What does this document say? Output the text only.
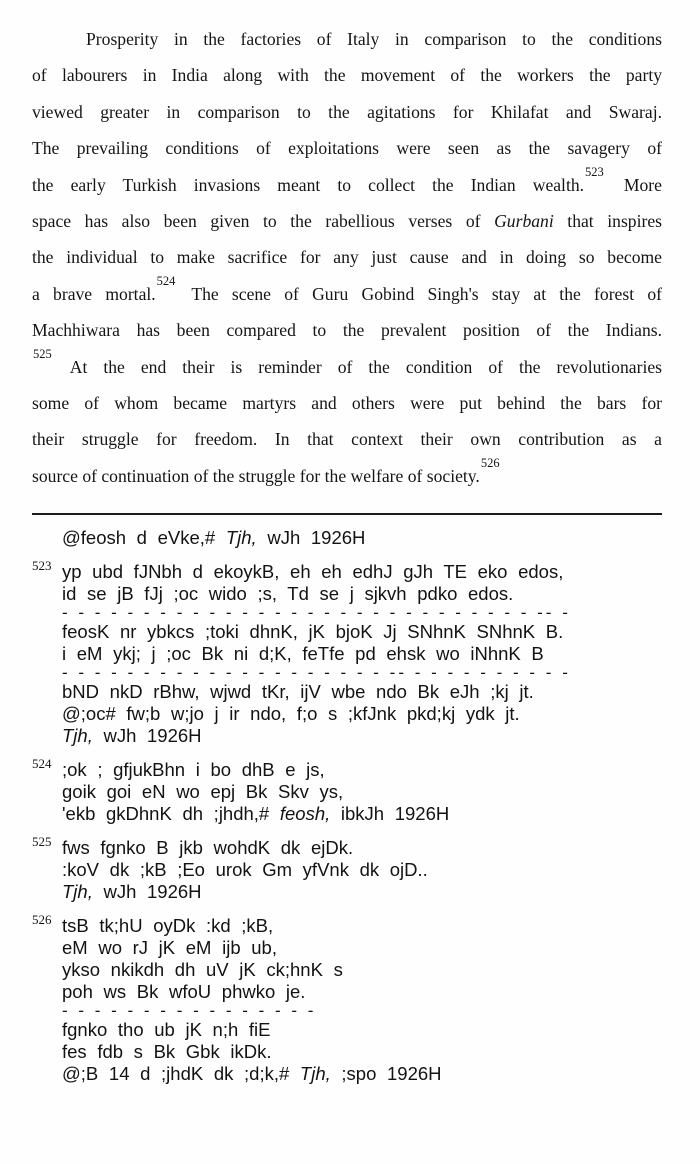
Prosperity in the factories of Italy in comparison to the conditions
of labourers in India along with the movement of the workers the party
viewed greater in comparison to the agitations for Khilafat and Swaraj.
The prevailing conditions of exploitations were seen as the savagery of
the early Turkish invasions meant to collect the Indian wealth.$^{523}$ More
space has also been given to the rabellious verses of Gurbani that inspires
the individual to make sacrifice for any just cause and in doing so become
a brave mortal.$^{524}$ The scene of Guru Gobind Singh's stay at the forest of
Machhiwara has been compared to the prevalent position of the Indians.
$^{525}$ At the end their is reminder of the condition of the revolutionaries
some of whom became martyrs and others were put behind the bars for
their struggle for freedom. In that context their own contribution as a
source of continuation of the struggle for the welfare of society.$^{526}$
@feosh d eVke,# Tjh, wJh 1926H
523 yp ubd fJNbh d ekoykB, eh eh edhJ gJh TE eko edos,
id se jB fJj ;oc wido ;s, Td se j sjkvh pdko edos.
- - - - - - - - - - - - - - - - - - - - - - - - - - - - - -- -
feosK nr ybkcs ;toki dhnK, jK bjoK Jj SNhnK SNhnK B.
i eM ykj; j ;oc Bk ni d;K, feTfe pd ehsk wo iNhnK B
- - - - - - - - - - - - - - - - - - - - -- - - - - - - - - - -
bND nkD rBhw, wjwd tKr, ijV wbe ndo Bk eJh ;kj jt.
@;oc# fw;b w;jo j ir ndo, f;o s ;kfJnk pkd;kj ydk jt.
Tjh, wJh 1926H
524 ;ok ; gfjukBhn i bo dhB e js,
goik goi eN wo epj Bk Skv ys,
'ekb gkDhnK dh ;jhdh,# feosh, ibkJh 1926H
525 fws fgnko B jkb wohdK dk ejDk.
:koV dk ;kB ;Eo urok Gm yfVnk dk ojD..
Tjh, wJh 1926H
526 tsB tk;hU oyDk :kd ;kB,
eM wo rJ jK eM ijb ub,
ykso nkikdh dh uV jK ck;hnK s
poh ws Bk wfoU phwko je.
- - - - - - - - - - - - - - - -
fgnko tho ub jK n;h fiE
fes fdb s Bk Gbk ikDk.
@;B 14 d ;jhdK dk ;d;k,# Tjh, ;spo 1926H
